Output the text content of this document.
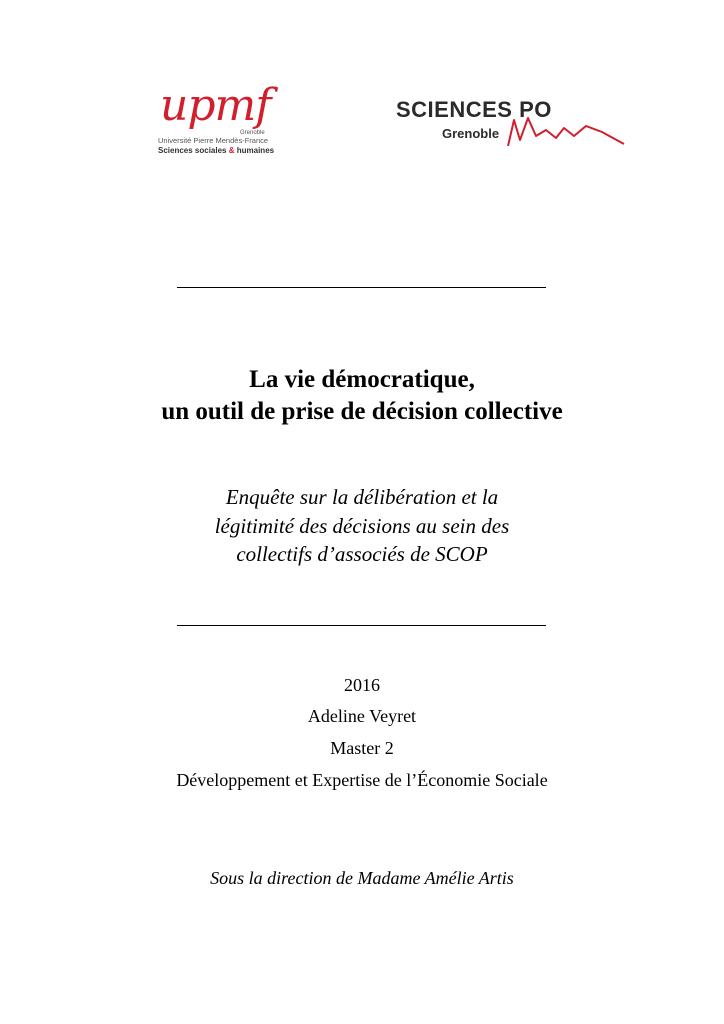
upmf
Grenoble
Université Pierre Mendès-France
Sciences sociales & humaines
SCIENCES PO
Grenoble
La vie démocratique,
un outil de prise de décision collective
Enquête sur la délibération et la
légitimité des décisions au sein des
collectifs d’associés de SCOP
2016
Adeline Veyret
Master 2
Développement et Expertise de l’Économie Sociale
Sous la direction de Madame Amélie Artis
